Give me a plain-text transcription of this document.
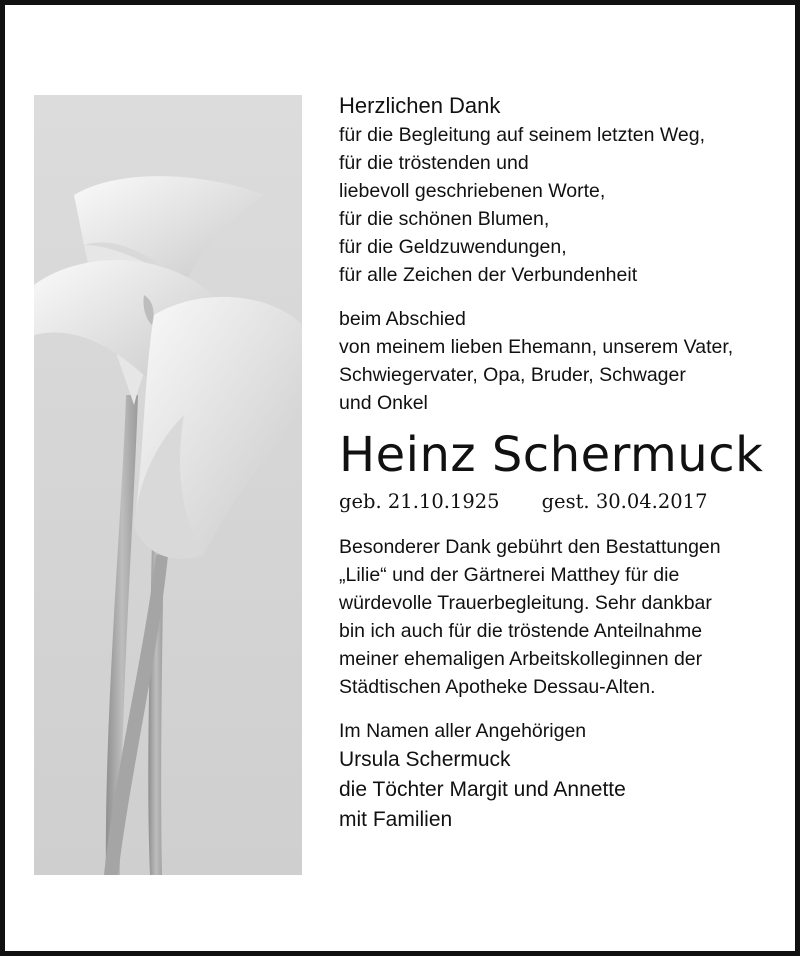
Herzlichen Dank

für die Begleitung auf seinem letzten Weg,

für die tröstenden und

liebevoll geschriebenen Worte,

für die schönen Blumen,

für die Geldzuwendungen,

für alle Zeichen der Verbundenheit

beim Abschied

von meinem lieben Ehemann, unserem Vater,

Schwiegervater, Opa, Bruder, Schwager

und Onkel

Heinz Schermuck

geb. 21.10.1925 gest. 30.04.2017

Besonderer Dank gebührt den Bestattungen

„Lilie“ und der Gärtnerei Matthey für die

würdevolle Trauerbegleitung. Sehr dankbar

bin ich auch für die tröstende Anteilnahme

meiner ehemaligen Arbeitskolleginnen der

Städtischen Apotheke Dessau-Alten.

Im Namen aller Angehörigen

Ursula Schermuck

die Töchter Margit und Annette

mit Familien
